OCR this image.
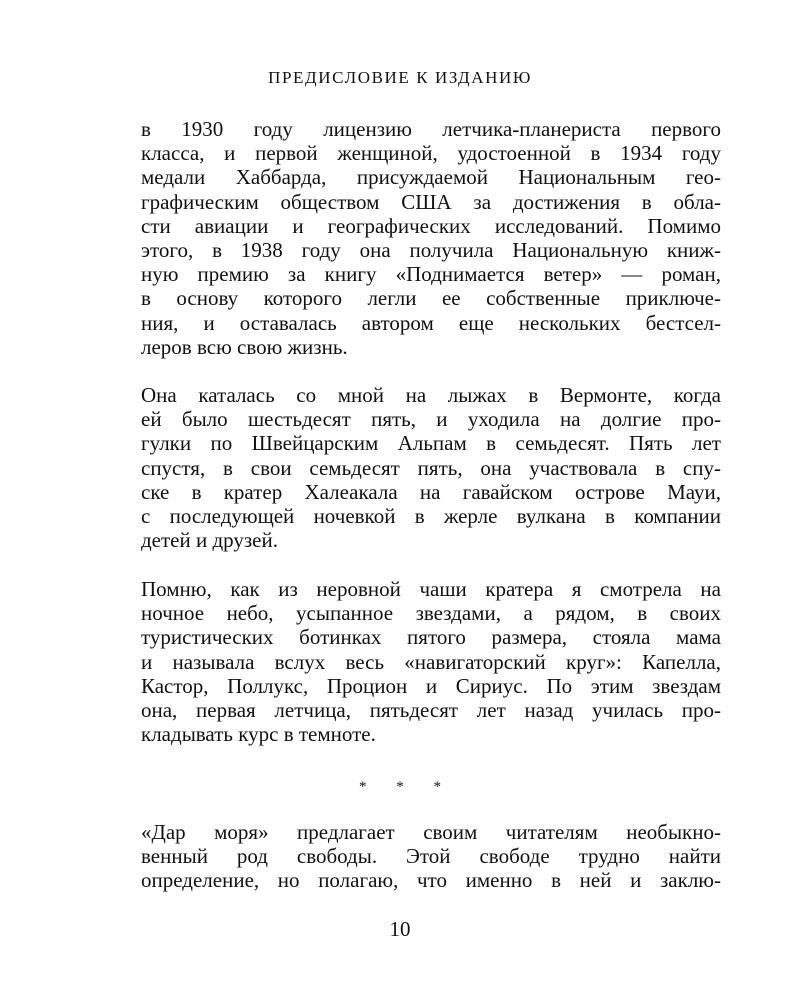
ПРЕДИСЛОВИЕ К ИЗДАНИЮ
в 1930 году лицензию летчика-планериста первого
класса, и первой женщиной, удостоенной в 1934 году
медали Хаббарда, присуждаемой Национальным гео-
графическим обществом США за достижения в обла-
сти авиации и географических исследований. Помимо
этого, в 1938 году она получила Национальную книж-
ную премию за книгу «Поднимается ветер» — роман,
в основу которого легли ее собственные приключе-
ния, и оставалась автором еще нескольких бестсел-
леров всю свою жизнь.
Она каталась со мной на лыжах в Вермонте, когда
ей было шестьдесят пять, и уходила на долгие про-
гулки по Швейцарским Альпам в семьдесят. Пять лет
спустя, в свои семьдесят пять, она участвовала в спу-
ске в кратер Халеакала на гавайском острове Мауи,
с последующей ночевкой в жерле вулкана в компании
детей и друзей.
Помню, как из неровной чаши кратера я смотрела на
ночное небо, усыпанное звездами, а рядом, в своих
туристических ботинках пятого размера, стояла мама
и называла вслух весь «навигаторский круг»: Капелла,
Кастор, Поллукс, Процион и Сириус. По этим звездам
она, первая летчица, пятьдесят лет назад училась про-
кладывать курс в темноте.
* * *
«Дар моря» предлагает своим читателям необыкно-
венный род свободы. Этой свободе трудно найти
определение, но полагаю, что именно в ней и заклю-
10
